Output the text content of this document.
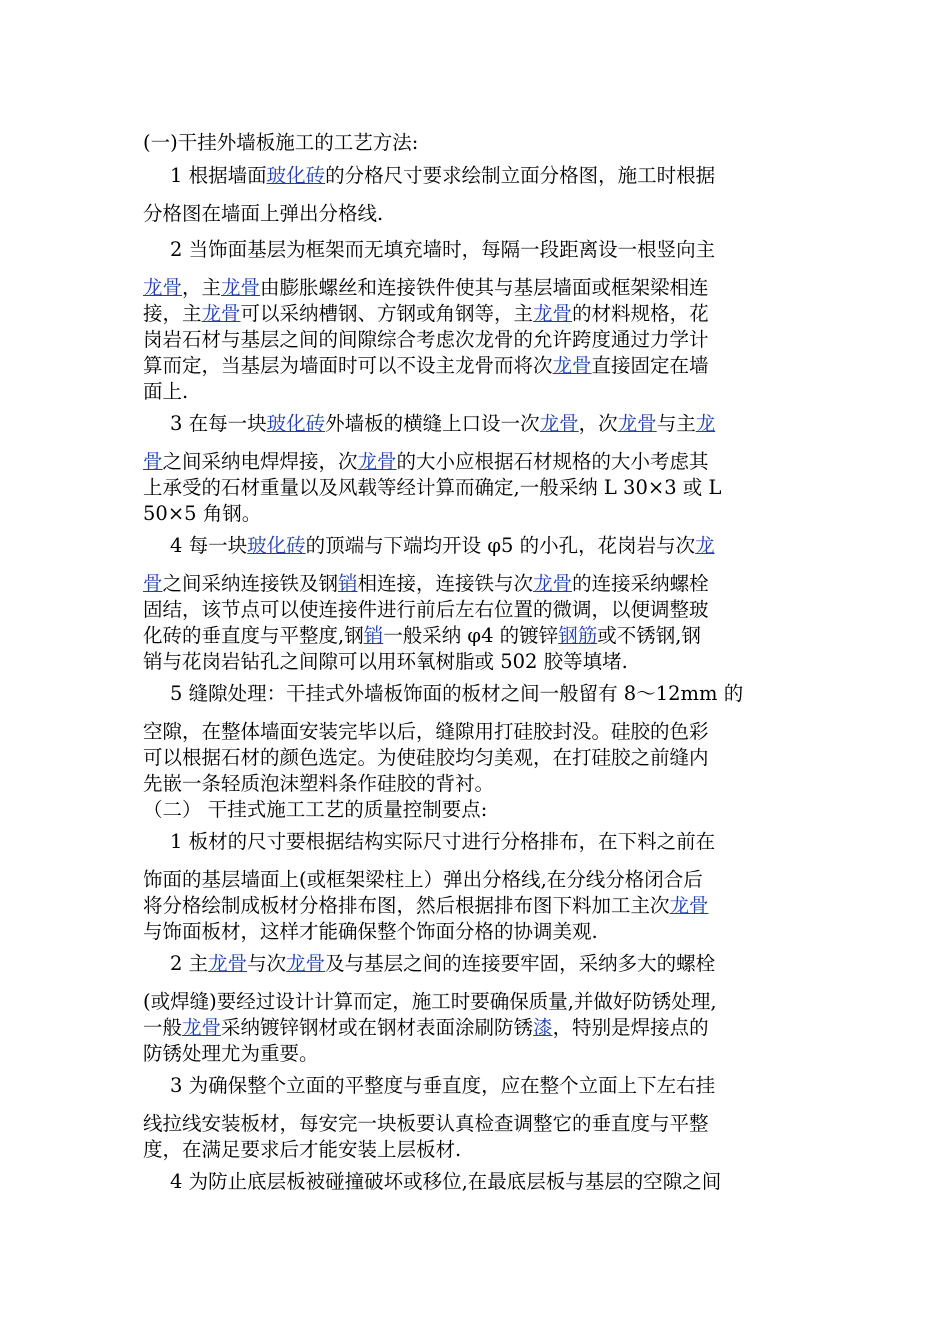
(一)干挂外墙板施工的工艺方法:
1 根据墙面玻化砖的分格尺寸要求绘制立面分格图，施工时根据
分格图在墙面上弹出分格线.
2 当饰面基层为框架而无填充墙时，每隔一段距离设一根竖向主
龙骨，主龙骨由膨胀螺丝和连接铁件使其与基层墙面或框架梁相连
接，主龙骨可以采纳槽钢、方钢或角钢等，主龙骨的材料规格，花
岗岩石材与基层之间的间隙综合考虑次龙骨的允许跨度通过力学计
算而定，当基层为墙面时可以不设主龙骨而将次龙骨直接固定在墙
面上.
3 在每一块玻化砖外墙板的横缝上口设一次龙骨，次龙骨与主龙
骨之间采纳电焊焊接，次龙骨的大小应根据石材规格的大小考虑其
上承受的石材重量以及风载等经计算而确定,一般采纳 L 30×3 或 L
50×5 角钢。
4 每一块玻化砖的顶端与下端均开设 φ5 的小孔，花岗岩与次龙
骨之间采纳连接铁及钢销相连接，连接铁与次龙骨的连接采纳螺栓
固结，该节点可以使连接件进行前后左右位置的微调，以便调整玻
化砖的垂直度与平整度,钢销一般采纳 φ4 的镀锌钢筋或不锈钢,钢
销与花岗岩钻孔之间隙可以用环氧树脂或 502 胶等填堵.
5 缝隙处理：干挂式外墙板饰面的板材之间一般留有 8～12mm 的
空隙，在整体墙面安装完毕以后，缝隙用打硅胶封没。硅胶的色彩
可以根据石材的颜色选定。为使硅胶均匀美观，在打硅胶之前缝内
先嵌一条轻质泡沫塑料条作硅胶的背衬。
（二） 干挂式施工工艺的质量控制要点:
1 板材的尺寸要根据结构实际尺寸进行分格排布，在下料之前在
饰面的基层墙面上(或框架梁柱上）弹出分格线,在分线分格闭合后
将分格绘制成板材分格排布图，然后根据排布图下料加工主次龙骨
与饰面板材，这样才能确保整个饰面分格的协调美观.
2 主龙骨与次龙骨及与基层之间的连接要牢固，采纳多大的螺栓
(或焊缝)要经过设计计算而定，施工时要确保质量,并做好防锈处理,
一般龙骨采纳镀锌钢材或在钢材表面涂刷防锈漆，特别是焊接点的
防锈处理尤为重要。
3 为确保整个立面的平整度与垂直度，应在整个立面上下左右挂
线拉线安装板材，每安完一块板要认真检查调整它的垂直度与平整
度，在满足要求后才能安装上层板材.
4 为防止底层板被碰撞破坏或移位,在最底层板与基层的空隙之间
